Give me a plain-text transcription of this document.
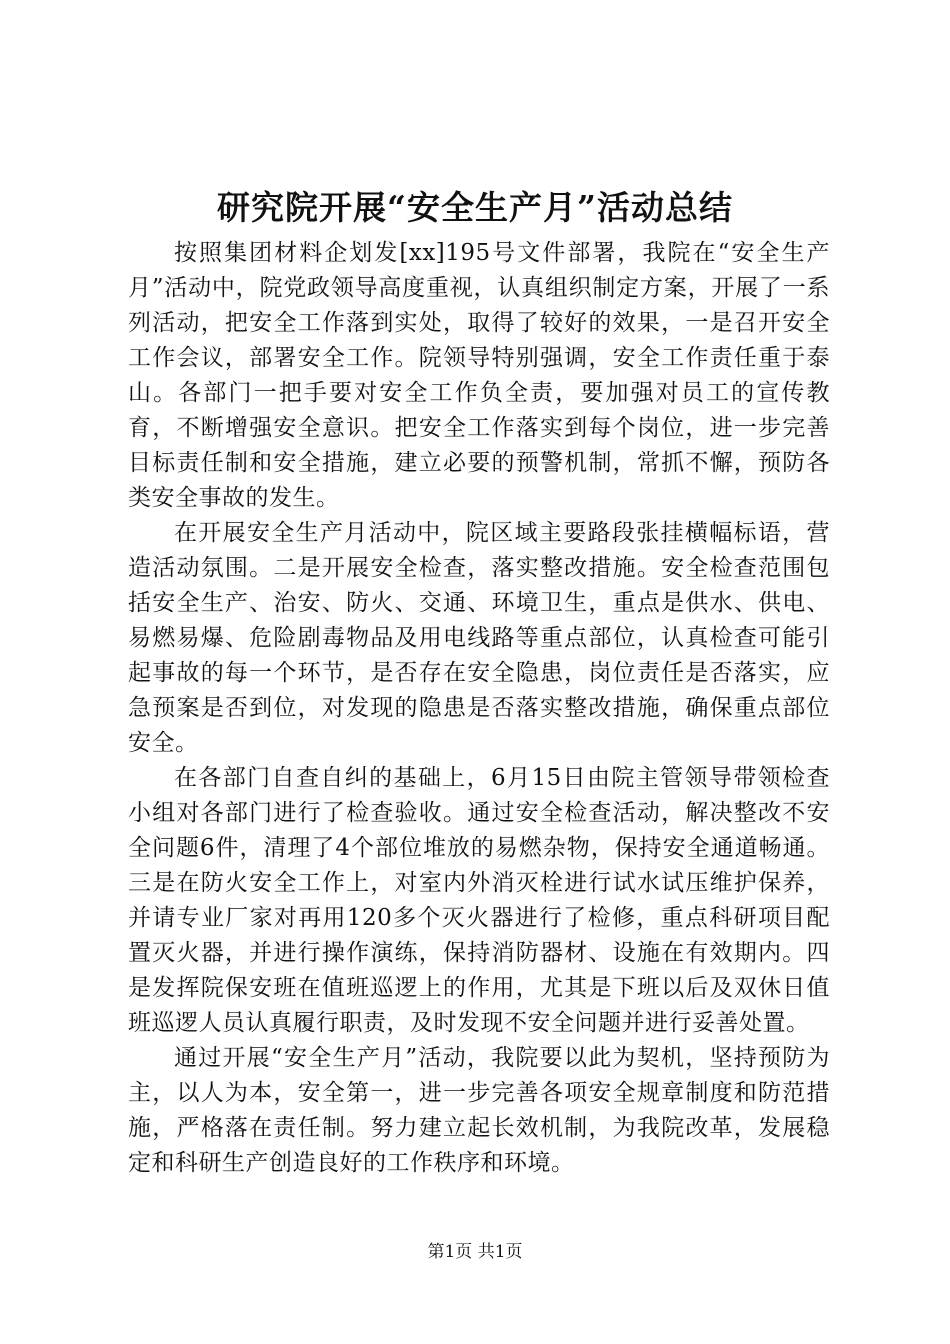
研究院开展“安全生产月”活动总结

按照集团材料企划发[xx]195号文件部署，我院在“安全生产月”活动中，院党政领导高度重视，认真组织制定方案，开展了一系列活动，把安全工作落到实处，取得了较好的效果，一是召开安全工作会议，部署安全工作。院领导特别强调，安全工作责任重于泰山。各部门一把手要对安全工作负全责，要加强对员工的宣传教育，不断增强安全意识。把安全工作落实到每个岗位，进一步完善目标责任制和安全措施，建立必要的预警机制，常抓不懈，预防各类安全事故的发生。

在开展安全生产月活动中，院区域主要路段张挂横幅标语，营造活动氛围。二是开展安全检查，落实整改措施。安全检查范围包括安全生产、治安、防火、交通、环境卫生，重点是供水、供电、易燃易爆、危险剧毒物品及用电线路等重点部位，认真检查可能引起事故的每一个环节，是否存在安全隐患，岗位责任是否落实，应急预案是否到位，对发现的隐患是否落实整改措施，确保重点部位安全。

在各部门自查自纠的基础上，6月15日由院主管领导带领检查小组对各部门进行了检查验收。通过安全检查活动，解决整改不安全问题6件，清理了4个部位堆放的易燃杂物，保持安全通道畅通。三是在防火安全工作上，对室内外消灭栓进行试水试压维护保养，并请专业厂家对再用120多个灭火器进行了检修，重点科研项目配置灭火器，并进行操作演练，保持消防器材、设施在有效期内。四是发挥院保安班在值班巡逻上的作用，尤其是下班以后及双休日值班巡逻人员认真履行职责，及时发现不安全问题并进行妥善处置。

通过开展“安全生产月”活动，我院要以此为契机，坚持预防为主，以人为本，安全第一，进一步完善各项安全规章制度和防范措施，严格落在责任制。努力建立起长效机制，为我院改革，发展稳定和科研生产创造良好的工作秩序和环境。

第1页 共1页
